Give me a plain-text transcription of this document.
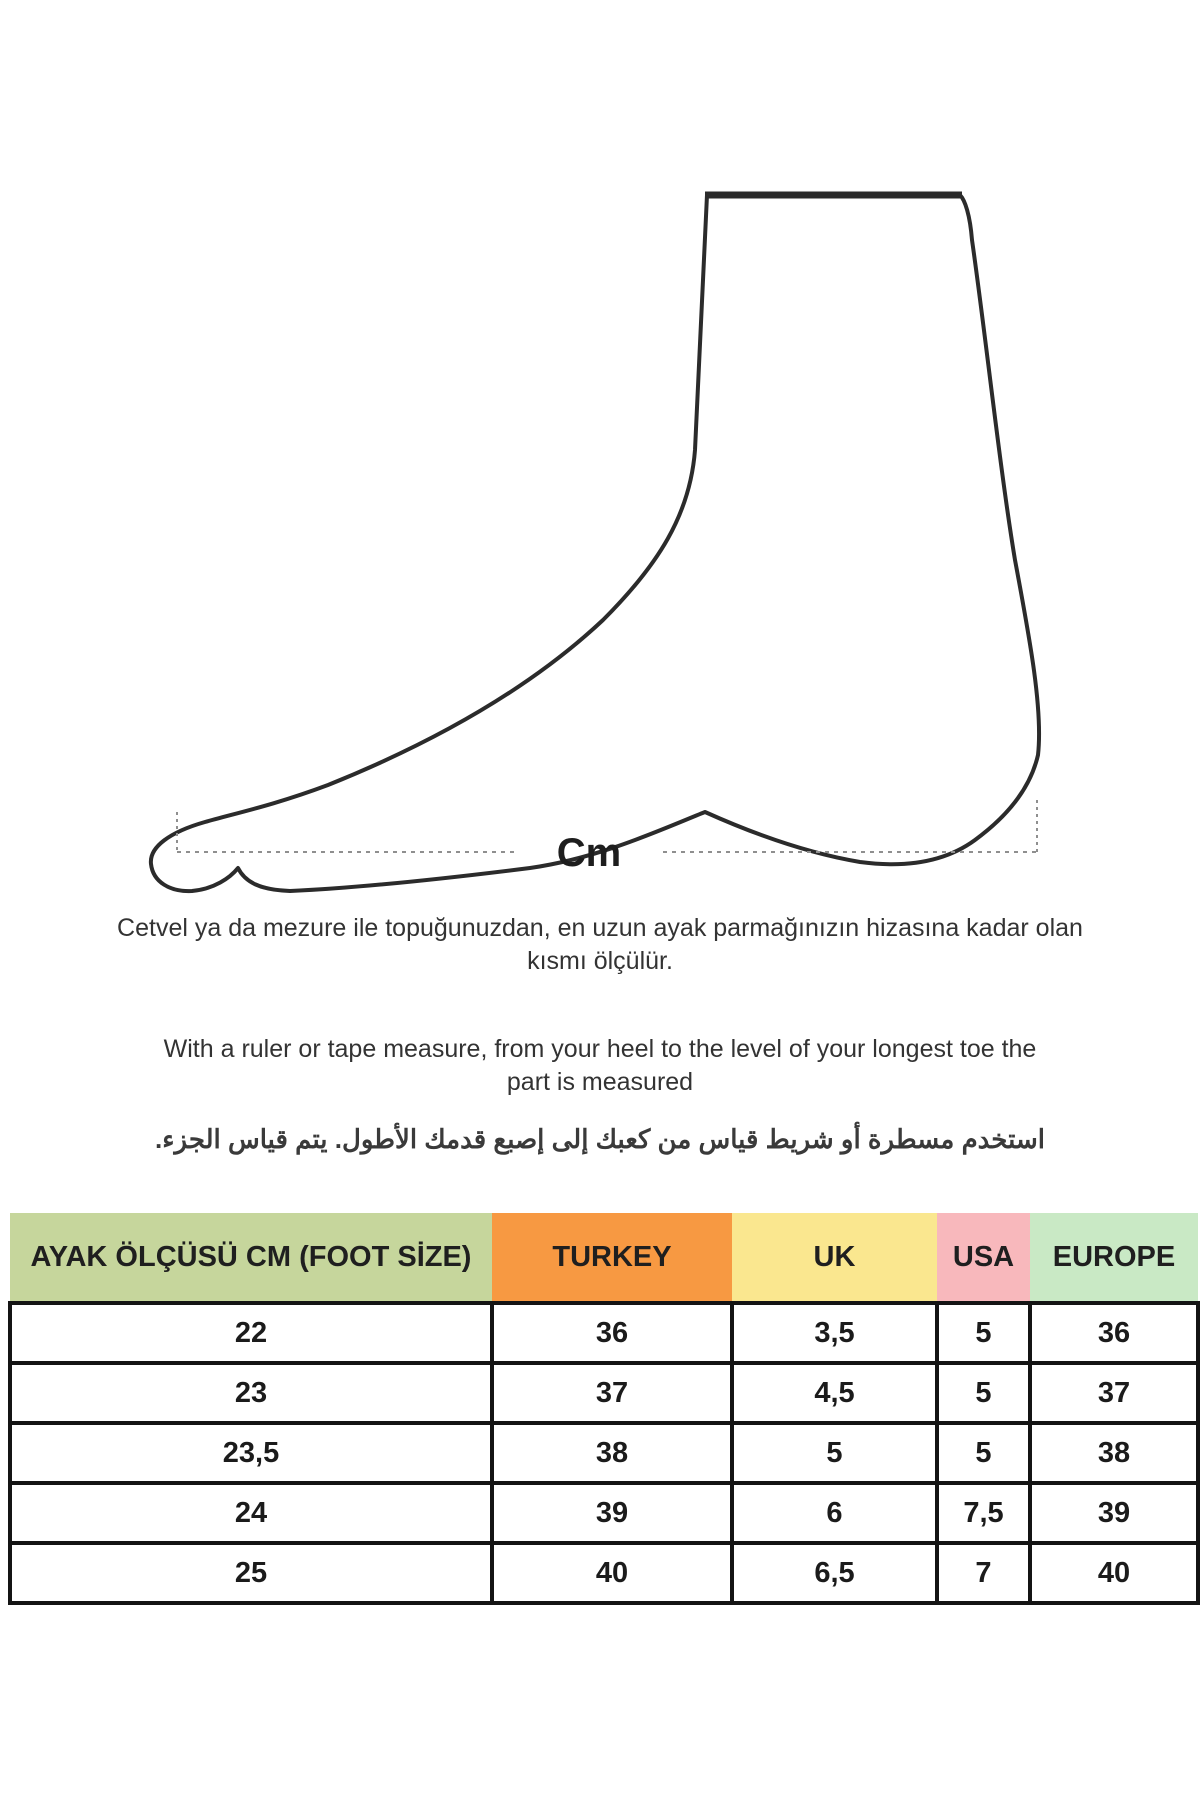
Cm
Cetvel ya da mezure ile topuğunuzdan, en uzun ayak parmağınızın hizasına kadar olan kısmı ölçülür.
With a ruler or tape measure, from your heel to the level of your longest toe the part is measured
استخدم مسطرة أو شريط قياس من كعبك إلى إصبع قدمك الأطول. يتم قياس الجزء.
AYAK ÖLÇÜSÜ CM (FOOT SİZE)	TURKEY	UK	USA	EUROPE
22	36	3,5	5	36
23	37	4,5	5	37
23,5	38	5	5	38
24	39	6	7,5	39
25	40	6,5	7	40
